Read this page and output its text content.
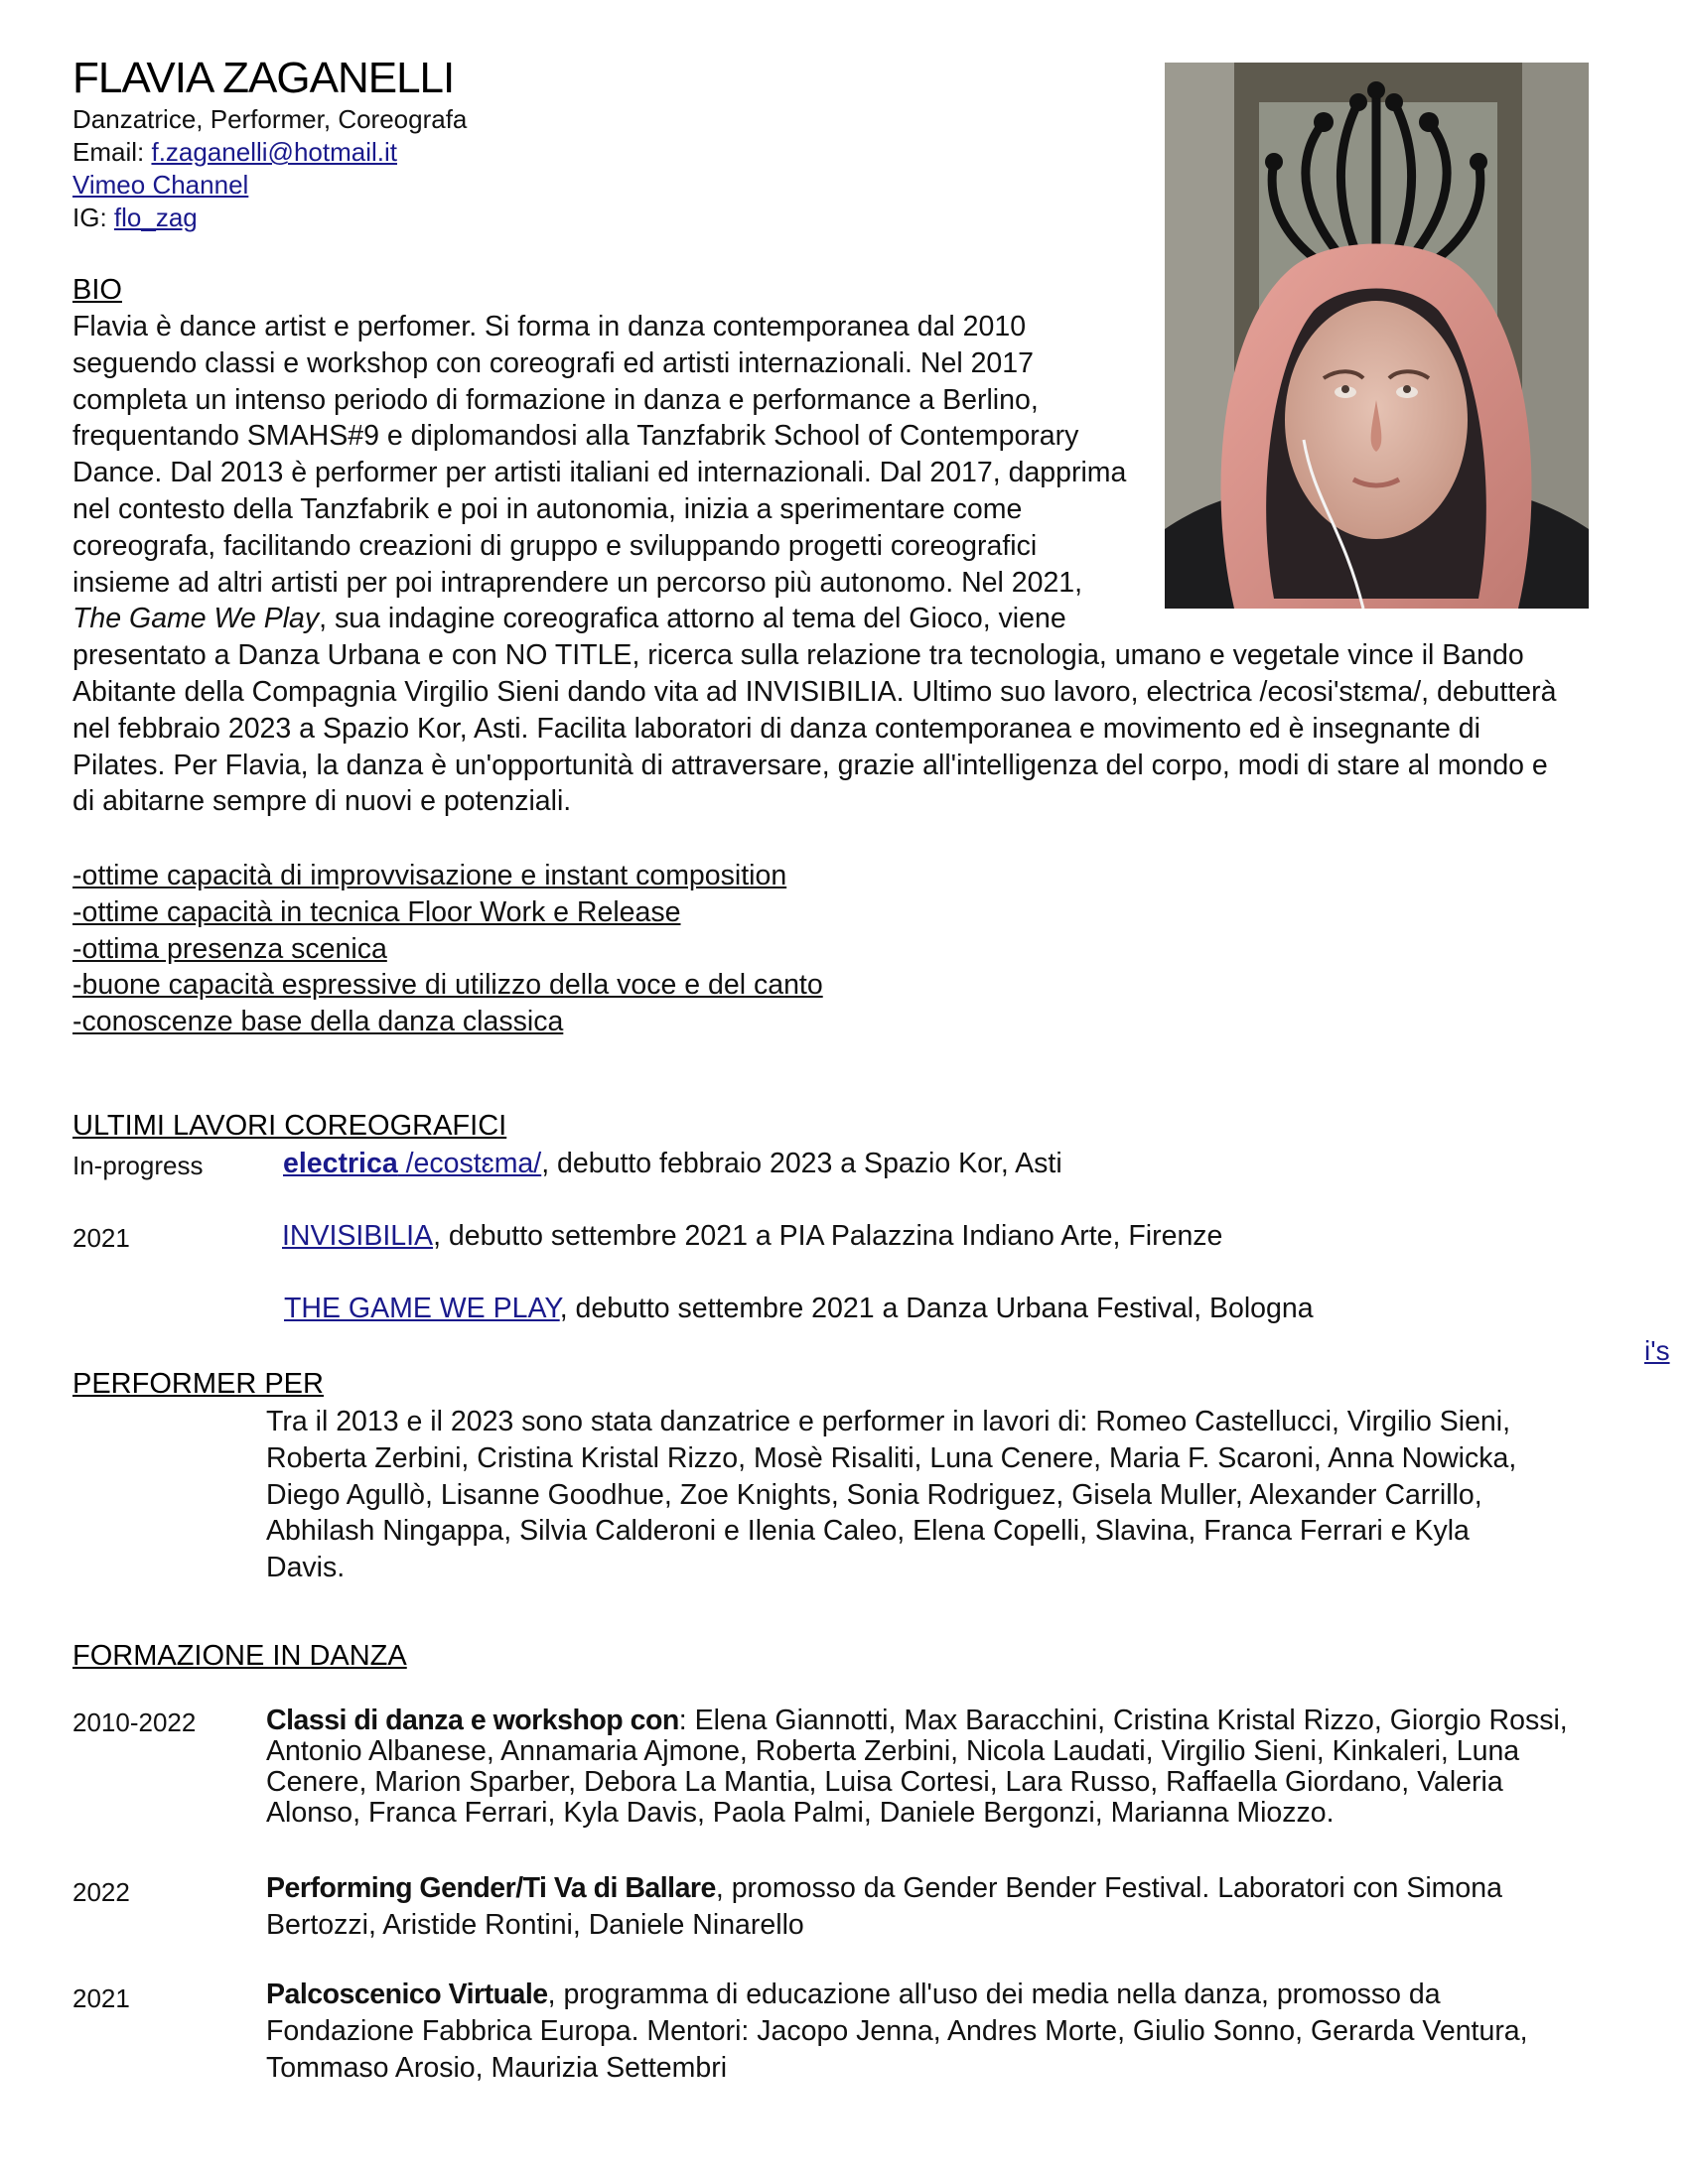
FLAVIA ZAGANELLI
Danzatrice, Performer, Coreografa
Email: f.zaganelli@hotmail.it
Vimeo Channel
IG: flo_zag
BIO
Flavia è dance artist e perfomer. Si forma in danza contemporanea dal 2010
seguendo classi e workshop con coreografi ed artisti internazionali. Nel 2017
completa un intenso periodo di formazione in danza e performance a Berlino,
frequentando SMAHS#9 e diplomandosi alla Tanzfabrik School of Contemporary
Dance. Dal 2013 è performer per artisti italiani ed internazionali. Dal 2017, dapprima
nel contesto della Tanzfabrik e poi in autonomia, inizia a sperimentare come
coreografa, facilitando creazioni di gruppo e sviluppando progetti coreografici
insieme ad altri artisti per poi intraprendere un percorso più autonomo. Nel 2021,
The Game We Play, sua indagine coreografica attorno al tema del Gioco, viene
presentato a Danza Urbana e con NO TITLE, ricerca sulla relazione tra tecnologia, umano e vegetale vince il Bando
Abitante della Compagnia Virgilio Sieni dando vita ad INVISIBILIA. Ultimo suo lavoro, electrica /ecosi'stɛma/, debutterà
nel febbraio 2023 a Spazio Kor, Asti. Facilita laboratori di danza contemporanea e movimento ed è insegnante di
Pilates. Per Flavia, la danza è un'opportunità di attraversare, grazie all'intelligenza del corpo, modi di stare al mondo e
di abitarne sempre di nuovi e potenziali.
-ottime capacità di improvvisazione e instant composition
-ottime capacità in tecnica Floor Work e Release
-ottima presenza scenica
-buone capacità espressive di utilizzo della voce e del canto
-conoscenze base della danza classica
ULTIMI LAVORI COREOGRAFICI
In-progress	electrica /ecostɛma/, debutto febbraio 2023 a Spazio Kor, Asti
2021	INVISIBILIA, debutto settembre 2021 a PIA Palazzina Indiano Arte, Firenze
THE GAME WE PLAY, debutto settembre 2021 a Danza Urbana Festival, Bologna
i's
PERFORMER PER
Tra il 2013 e il 2023 sono stata danzatrice e performer in lavori di: Romeo Castellucci, Virgilio Sieni,
Roberta Zerbini, Cristina Kristal Rizzo, Mosè Risaliti, Luna Cenere, Maria F. Scaroni, Anna Nowicka,
Diego Agullò, Lisanne Goodhue, Zoe Knights, Sonia Rodriguez, Gisela Muller, Alexander Carrillo,
Abhilash Ningappa, Silvia Calderoni e Ilenia Caleo, Elena Copelli, Slavina, Franca Ferrari e Kyla
Davis.
FORMAZIONE IN DANZA
2010-2022 Classi di danza e workshop con: Elena Giannotti, Max Baracchini, Cristina Kristal Rizzo, Giorgio Rossi,
Antonio Albanese, Annamaria Ajmone, Roberta Zerbini, Nicola Laudati, Virgilio Sieni, Kinkaleri, Luna
Cenere, Marion Sparber, Debora La Mantia, Luisa Cortesi, Lara Russo, Raffaella Giordano, Valeria
Alonso, Franca Ferrari, Kyla Davis, Paola Palmi, Daniele Bergonzi, Marianna Miozzo.
2022	Performing Gender/Ti Va di Ballare, promosso da Gender Bender Festival. Laboratori con Simona
Bertozzi, Aristide Rontini, Daniele Ninarello
2021	Palcoscenico Virtuale, programma di educazione all'uso dei media nella danza, promosso da
Fondazione Fabbrica Europa. Mentori: Jacopo Jenna, Andres Morte, Giulio Sonno, Gerarda Ventura,
Tommaso Arosio, Maurizia Settembri
